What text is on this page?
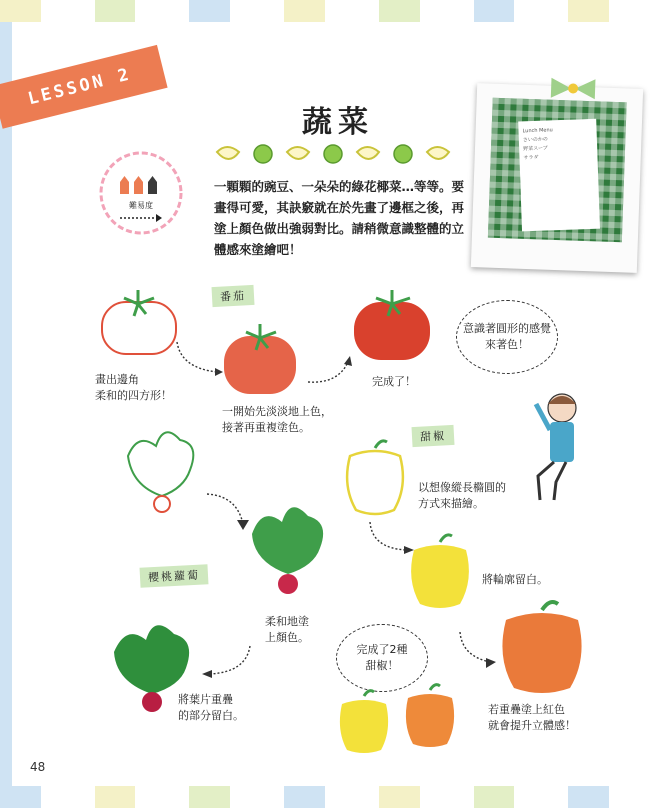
LESSON 2
蔬菜
一顆顆的豌豆、一朵朵的綠花椰菜…等等。要
畫得可愛，其訣竅就在於先畫了邊框之後，再
塗上顏色做出強弱對比。請稍微意識整體的立
體感來塗繪吧！
難易度
Lunch Menu
さいのかの
野菜スープ
サラダ
番茄
畫出邊角
柔和的四方形！
一開始先淡淡地上色，
接著再重複塗色。
完成了！
意識著圓形的感覺
來著色！
櫻桃蘿蔔
柔和地塗
上顏色。
將葉片重疊
的部分留白。
甜椒
以想像縱長橢圓的
方式來描繪。
將輪廓留白。
若重疊塗上紅色
就會提升立體感！
完成了2種
甜椒！
48
